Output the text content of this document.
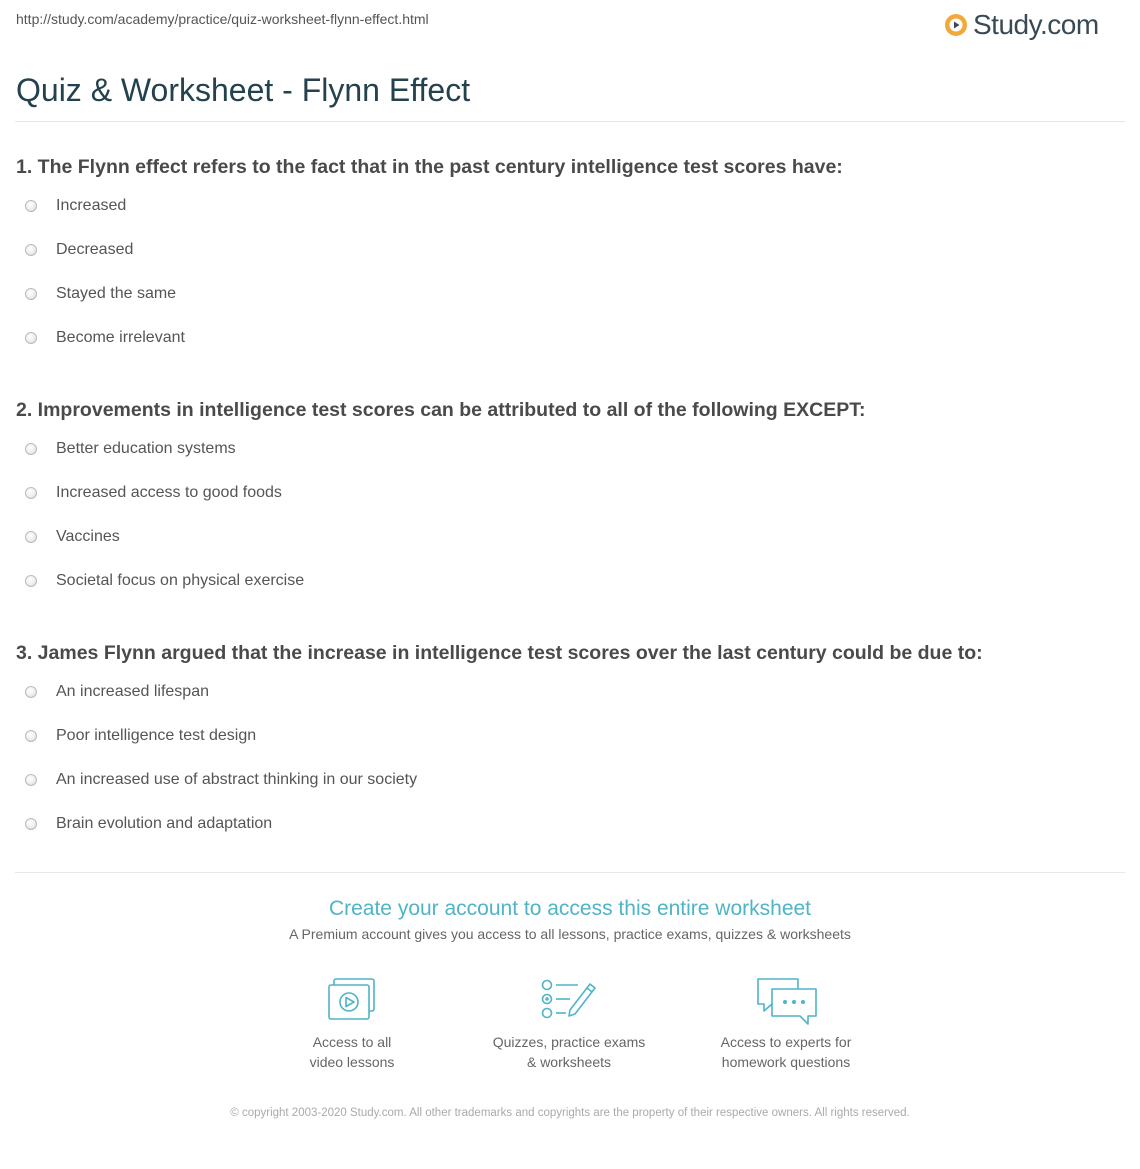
http://study.com/academy/practice/quiz-worksheet-flynn-effect.html	Study.com
Quiz & Worksheet - Flynn Effect
1. The Flynn effect refers to the fact that in the past century intelligence test scores have:
Increased
Decreased
Stayed the same
Become irrelevant
2. Improvements in intelligence test scores can be attributed to all of the following EXCEPT:
Better education systems
Increased access to good foods
Vaccines
Societal focus on physical exercise
3. James Flynn argued that the increase in intelligence test scores over the last century could be due to:
An increased lifespan
Poor intelligence test design
An increased use of abstract thinking in our society
Brain evolution and adaptation
Create your account to access this entire worksheet
A Premium account gives you access to all lessons, practice exams, quizzes & worksheets
Access to all
video lessons
Quizzes, practice exams
& worksheets
Access to experts for
homework questions
© copyright 2003-2020 Study.com. All other trademarks and copyrights are the property of their respective owners. All rights reserved.
